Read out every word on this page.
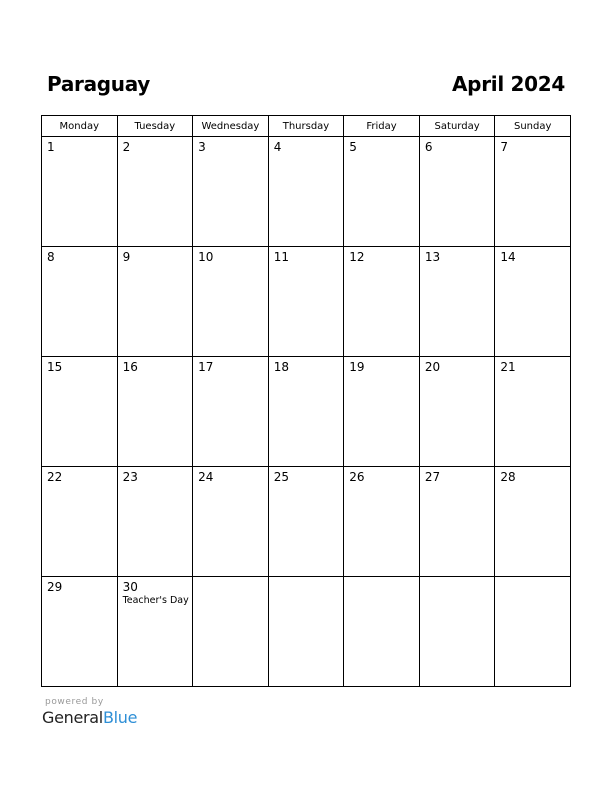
Paraguay	April 2024
Monday	Tuesday	Wednesday	Thursday	Friday	Saturday	Sunday

1	2	3	4	5	6	7

8	9	10	11	12	13	14

15	16	17	18	19	20	21

22	23	24	25	26	27	28

29	30
Teacher's Day					

powered by
GeneralBlue
